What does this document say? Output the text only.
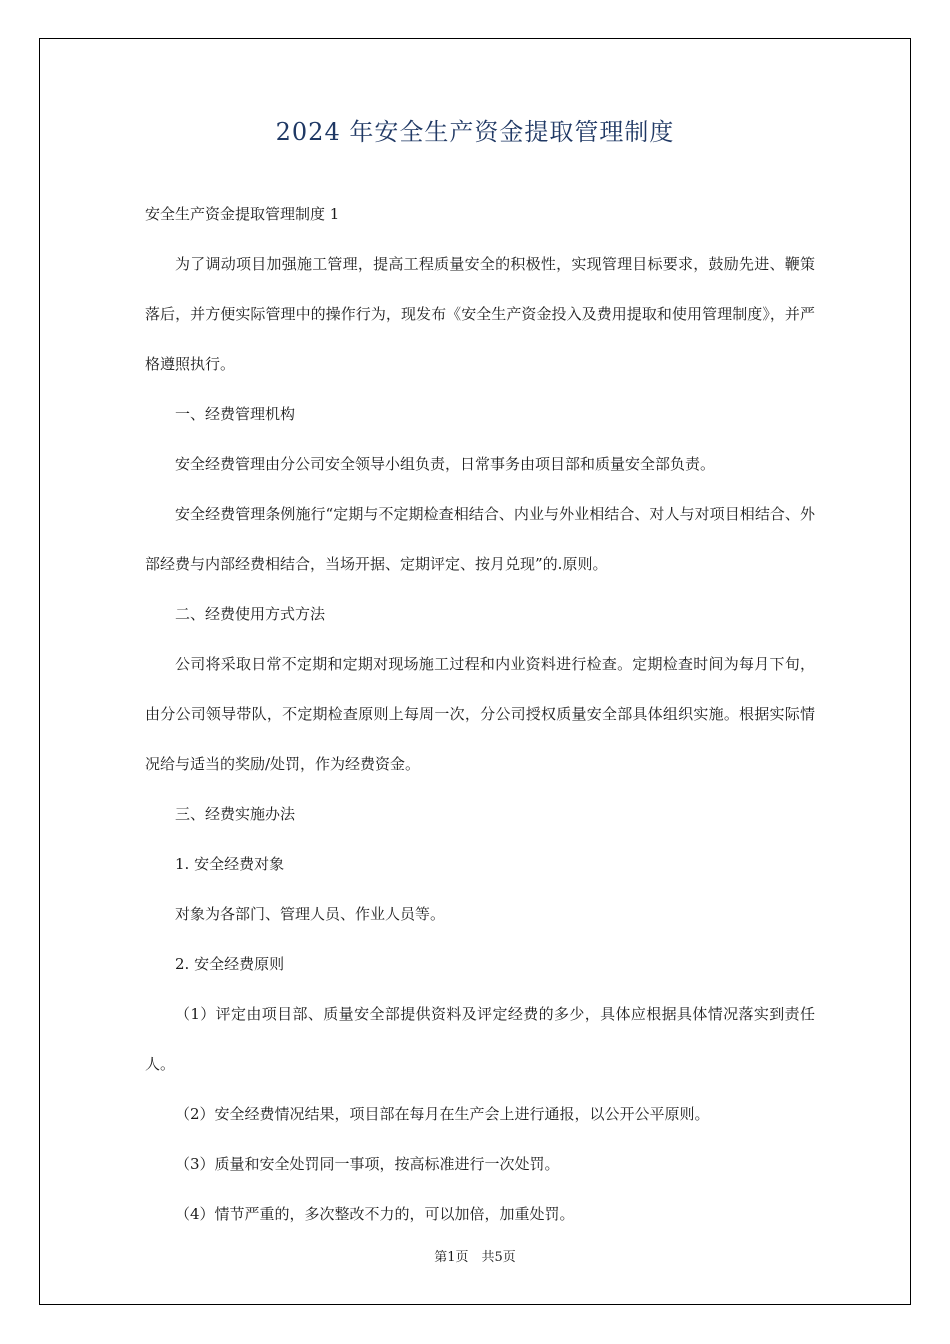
2024 年安全生产资金提取管理制度

安全生产资金提取管理制度 1

为了调动项目加强施工管理，提高工程质量安全的积极性，实现管理目标要求，鼓励先进、鞭策落后，并方便实际管理中的操作行为，现发布《安全生产资金投入及费用提取和使用管理制度》，并严格遵照执行。

一、经费管理机构

安全经费管理由分公司安全领导小组负责，日常事务由项目部和质量安全部负责。

安全经费管理条例施行“定期与不定期检查相结合、内业与外业相结合、对人与对项目相结合、外部经费与内部经费相结合，当场开据、定期评定、按月兑现”的.原则。

二、经费使用方式方法

公司将采取日常不定期和定期对现场施工过程和内业资料进行检查。定期检查时间为每月下旬，由分公司领导带队，不定期检查原则上每周一次，分公司授权质量安全部具体组织实施。根据实际情况给与适当的奖励/处罚，作为经费资金。

三、经费实施办法

1. 安全经费对象

对象为各部门、管理人员、作业人员等。

2. 安全经费原则

（1）评定由项目部、质量安全部提供资料及评定经费的多少，具体应根据具体情况落实到责任人。

（2）安全经费情况结果，项目部在每月在生产会上进行通报，以公开公平原则。

（3）质量和安全处罚同一事项，按高标准进行一次处罚。

（4）情节严重的，多次整改不力的，可以加倍，加重处罚。

第1页　共5页
